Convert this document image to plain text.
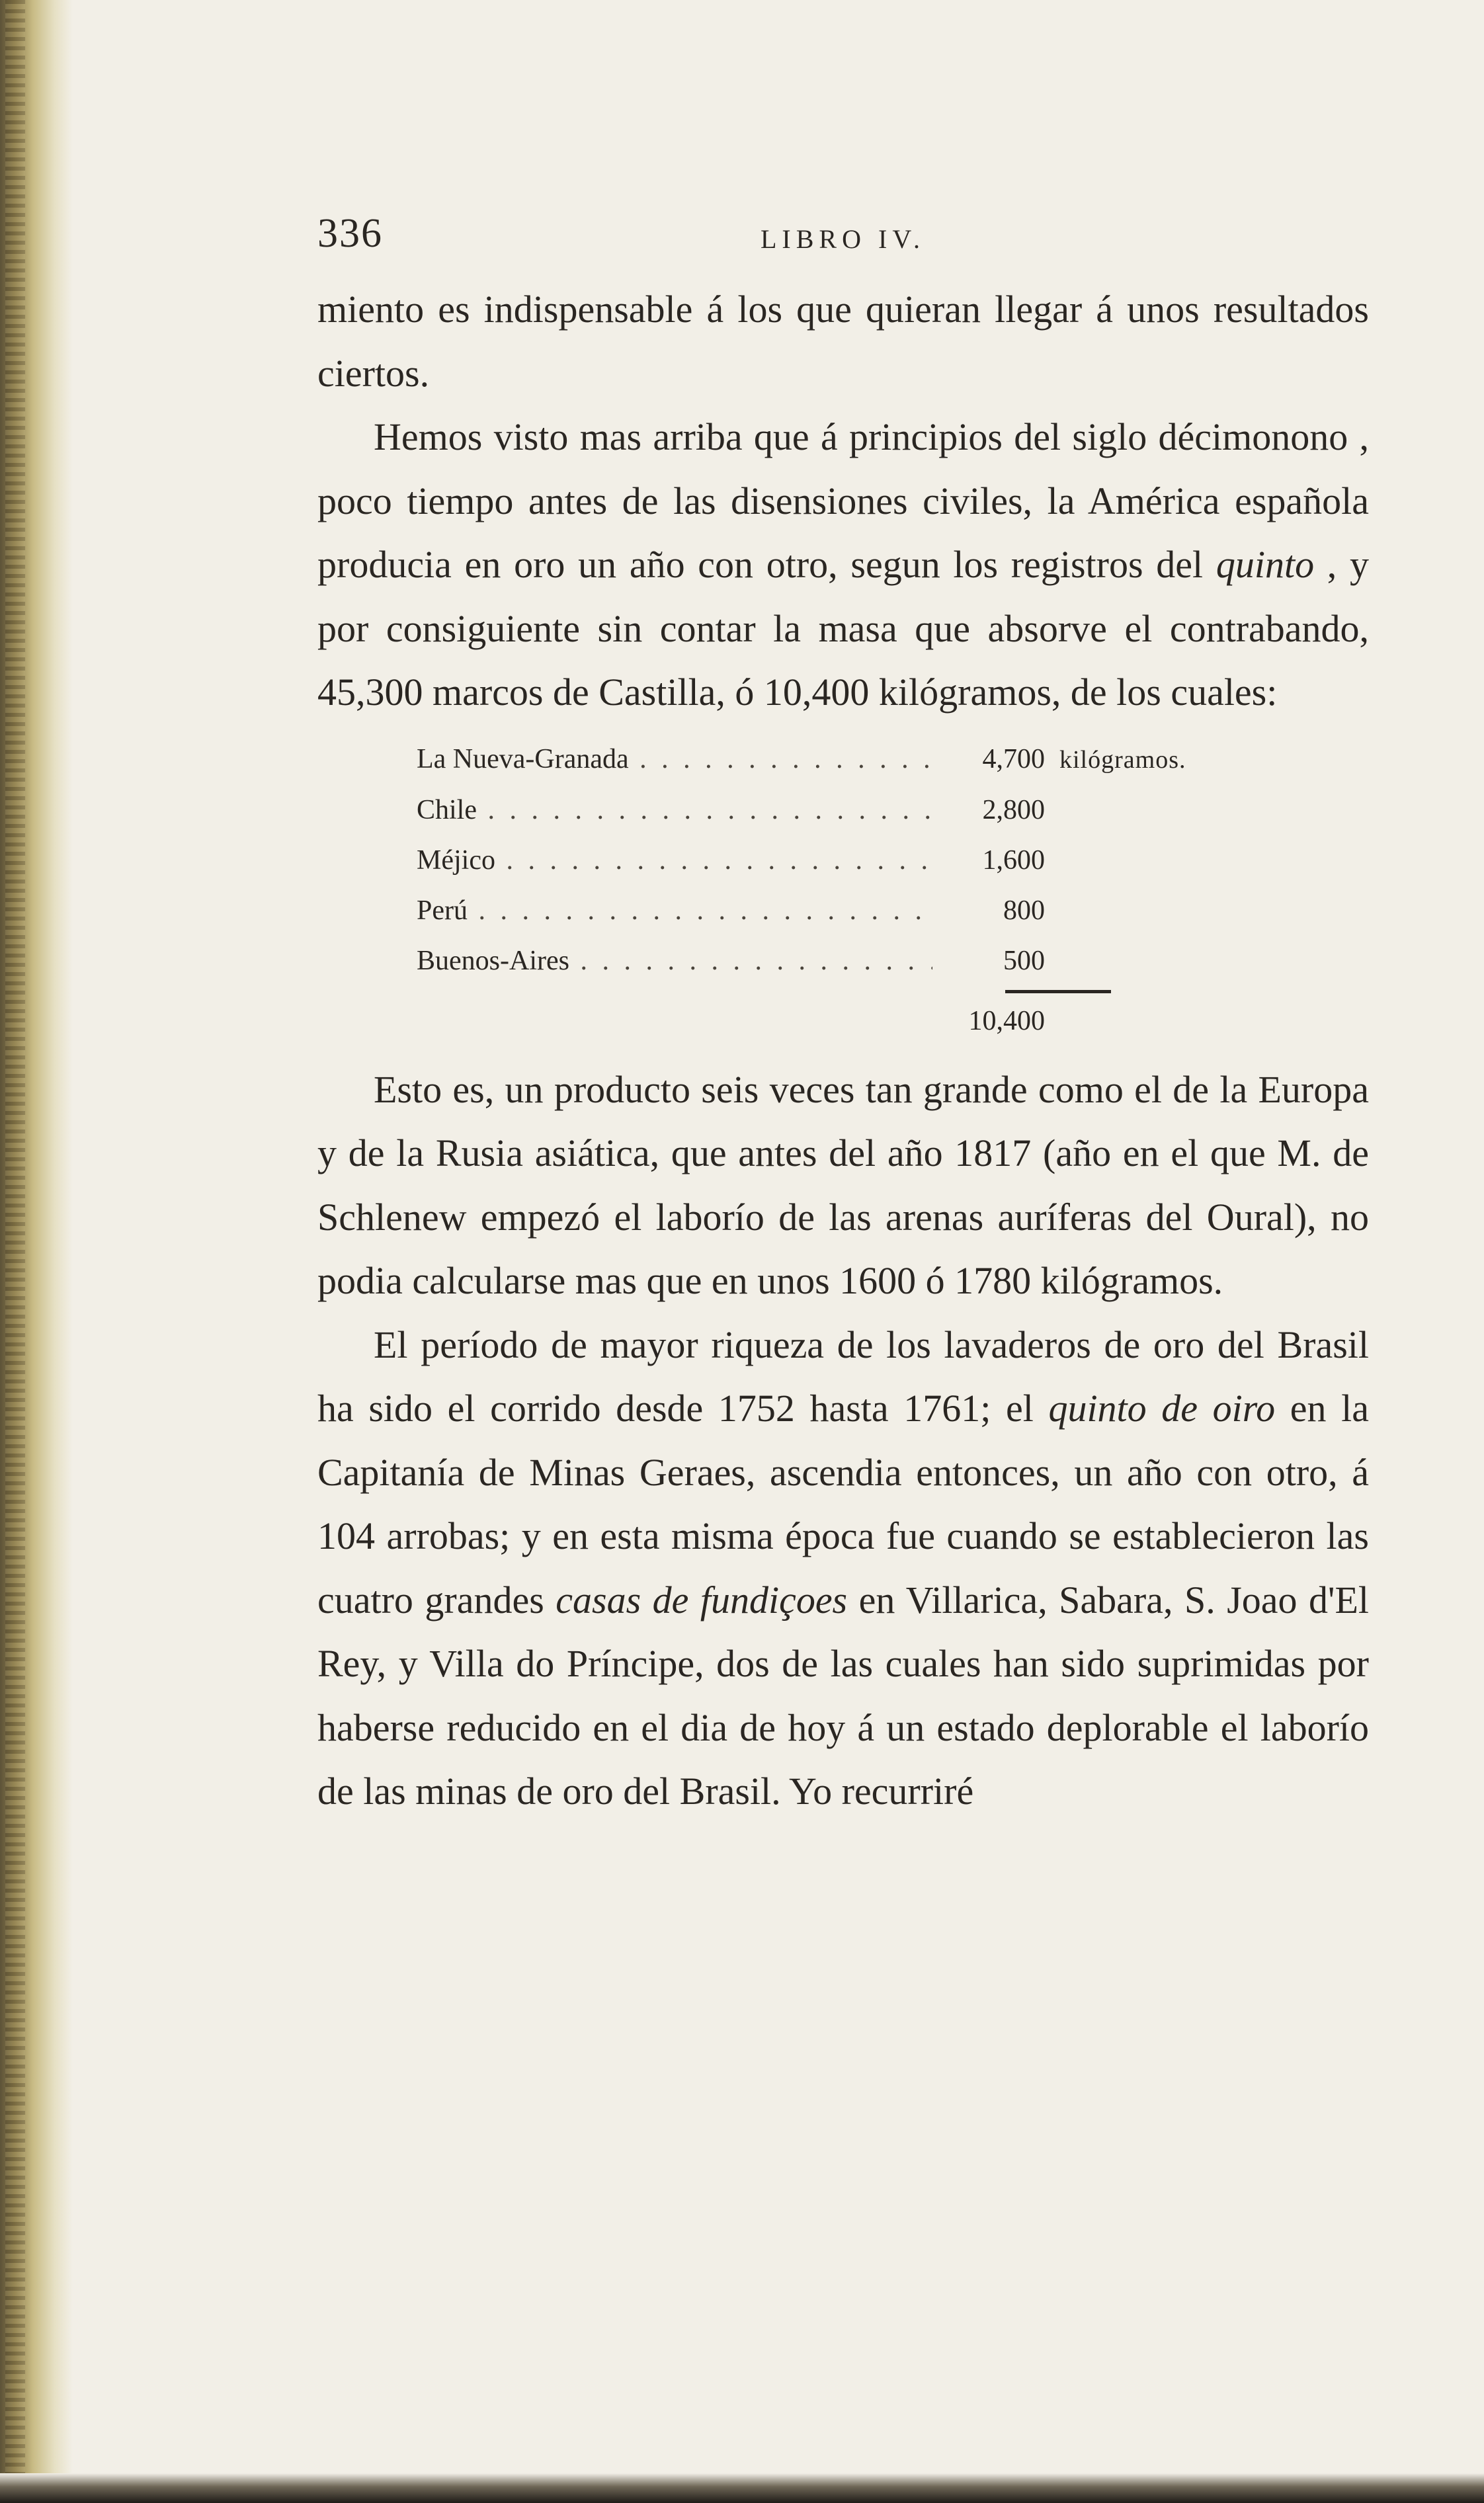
336	LIBRO IV.

miento es indispensable á los que quieran llegar á unos resultados ciertos.

Hemos visto mas arriba que á principios del siglo décimonono , poco tiempo antes de las disensiones civiles, la América española producia en oro un año con otro, segun los registros del quinto , y por consiguiente sin contar la masa que absorve el contrabando, 45,300 marcos de Castilla, ó 10,400 kilógramos, de los cuales:

La Nueva-Granada . . .	4,700 kilógramos.
Chile . . .	2,800
Méjico . . .	1,600
Perú . . .	800
Buenos-Aires . . .	500
10,400

Esto es, un producto seis veces tan grande como el de la Europa y de la Rusia asiática, que antes del año 1817 (año en el que M. de Schlenew empezó el laborío de las arenas auríferas del Oural), no podia calcularse mas que en unos 1600 ó 1780 kilógramos.

El período de mayor riqueza de los lavaderos de oro del Brasil ha sido el corrido desde 1752 hasta 1761; el quinto de oiro en la Capitanía de Minas Geraes, ascendia entonces, un año con otro, á 104 arrobas; y en esta misma época fue cuando se establecieron las cuatro grandes casas de fundiçoes en Villarica, Sabara, S. Joao d'El Rey, y Villa do Príncipe, dos de las cuales han sido suprimidas por haberse reducido en el dia de hoy á un estado deplorable el laborío de las minas de oro del Brasil. Yo recurriré
